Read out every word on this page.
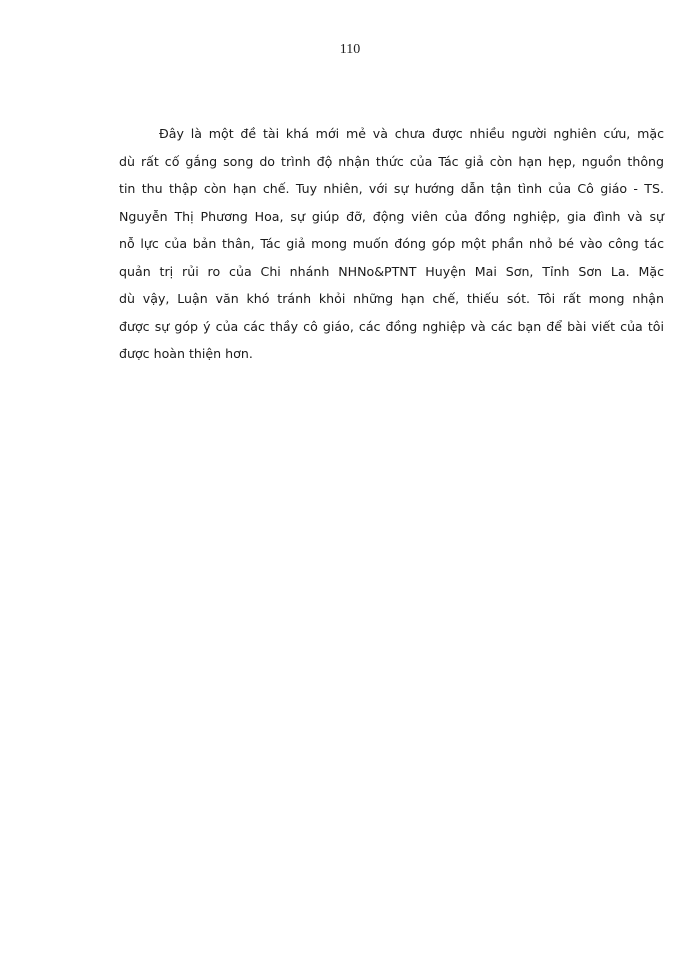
110
Đây là một đề tài khá mới mẻ và chưa được nhiều người nghiên cứu, mặc
dù rất cố gắng song do trình độ nhận thức của Tác giả còn hạn hẹp, nguồn thông
tin thu thập còn hạn chế. Tuy nhiên, với sự hướng dẫn tận tình của Cô giáo - TS.
Nguyễn Thị Phương Hoa, sự giúp đỡ, động viên của đồng nghiệp, gia đình và sự
nỗ lực của bản thân, Tác giả mong muốn đóng góp một phần nhỏ bé vào công tác
quản trị rủi ro của Chi nhánh NHNo&PTNT Huyện Mai Sơn, Tỉnh Sơn La. Mặc
dù vậy, Luận văn khó tránh khỏi những hạn chế, thiếu sót. Tôi rất mong nhận
được sự góp ý của các thầy cô giáo, các đồng nghiệp và các bạn để bài viết của tôi
được hoàn thiện hơn.
